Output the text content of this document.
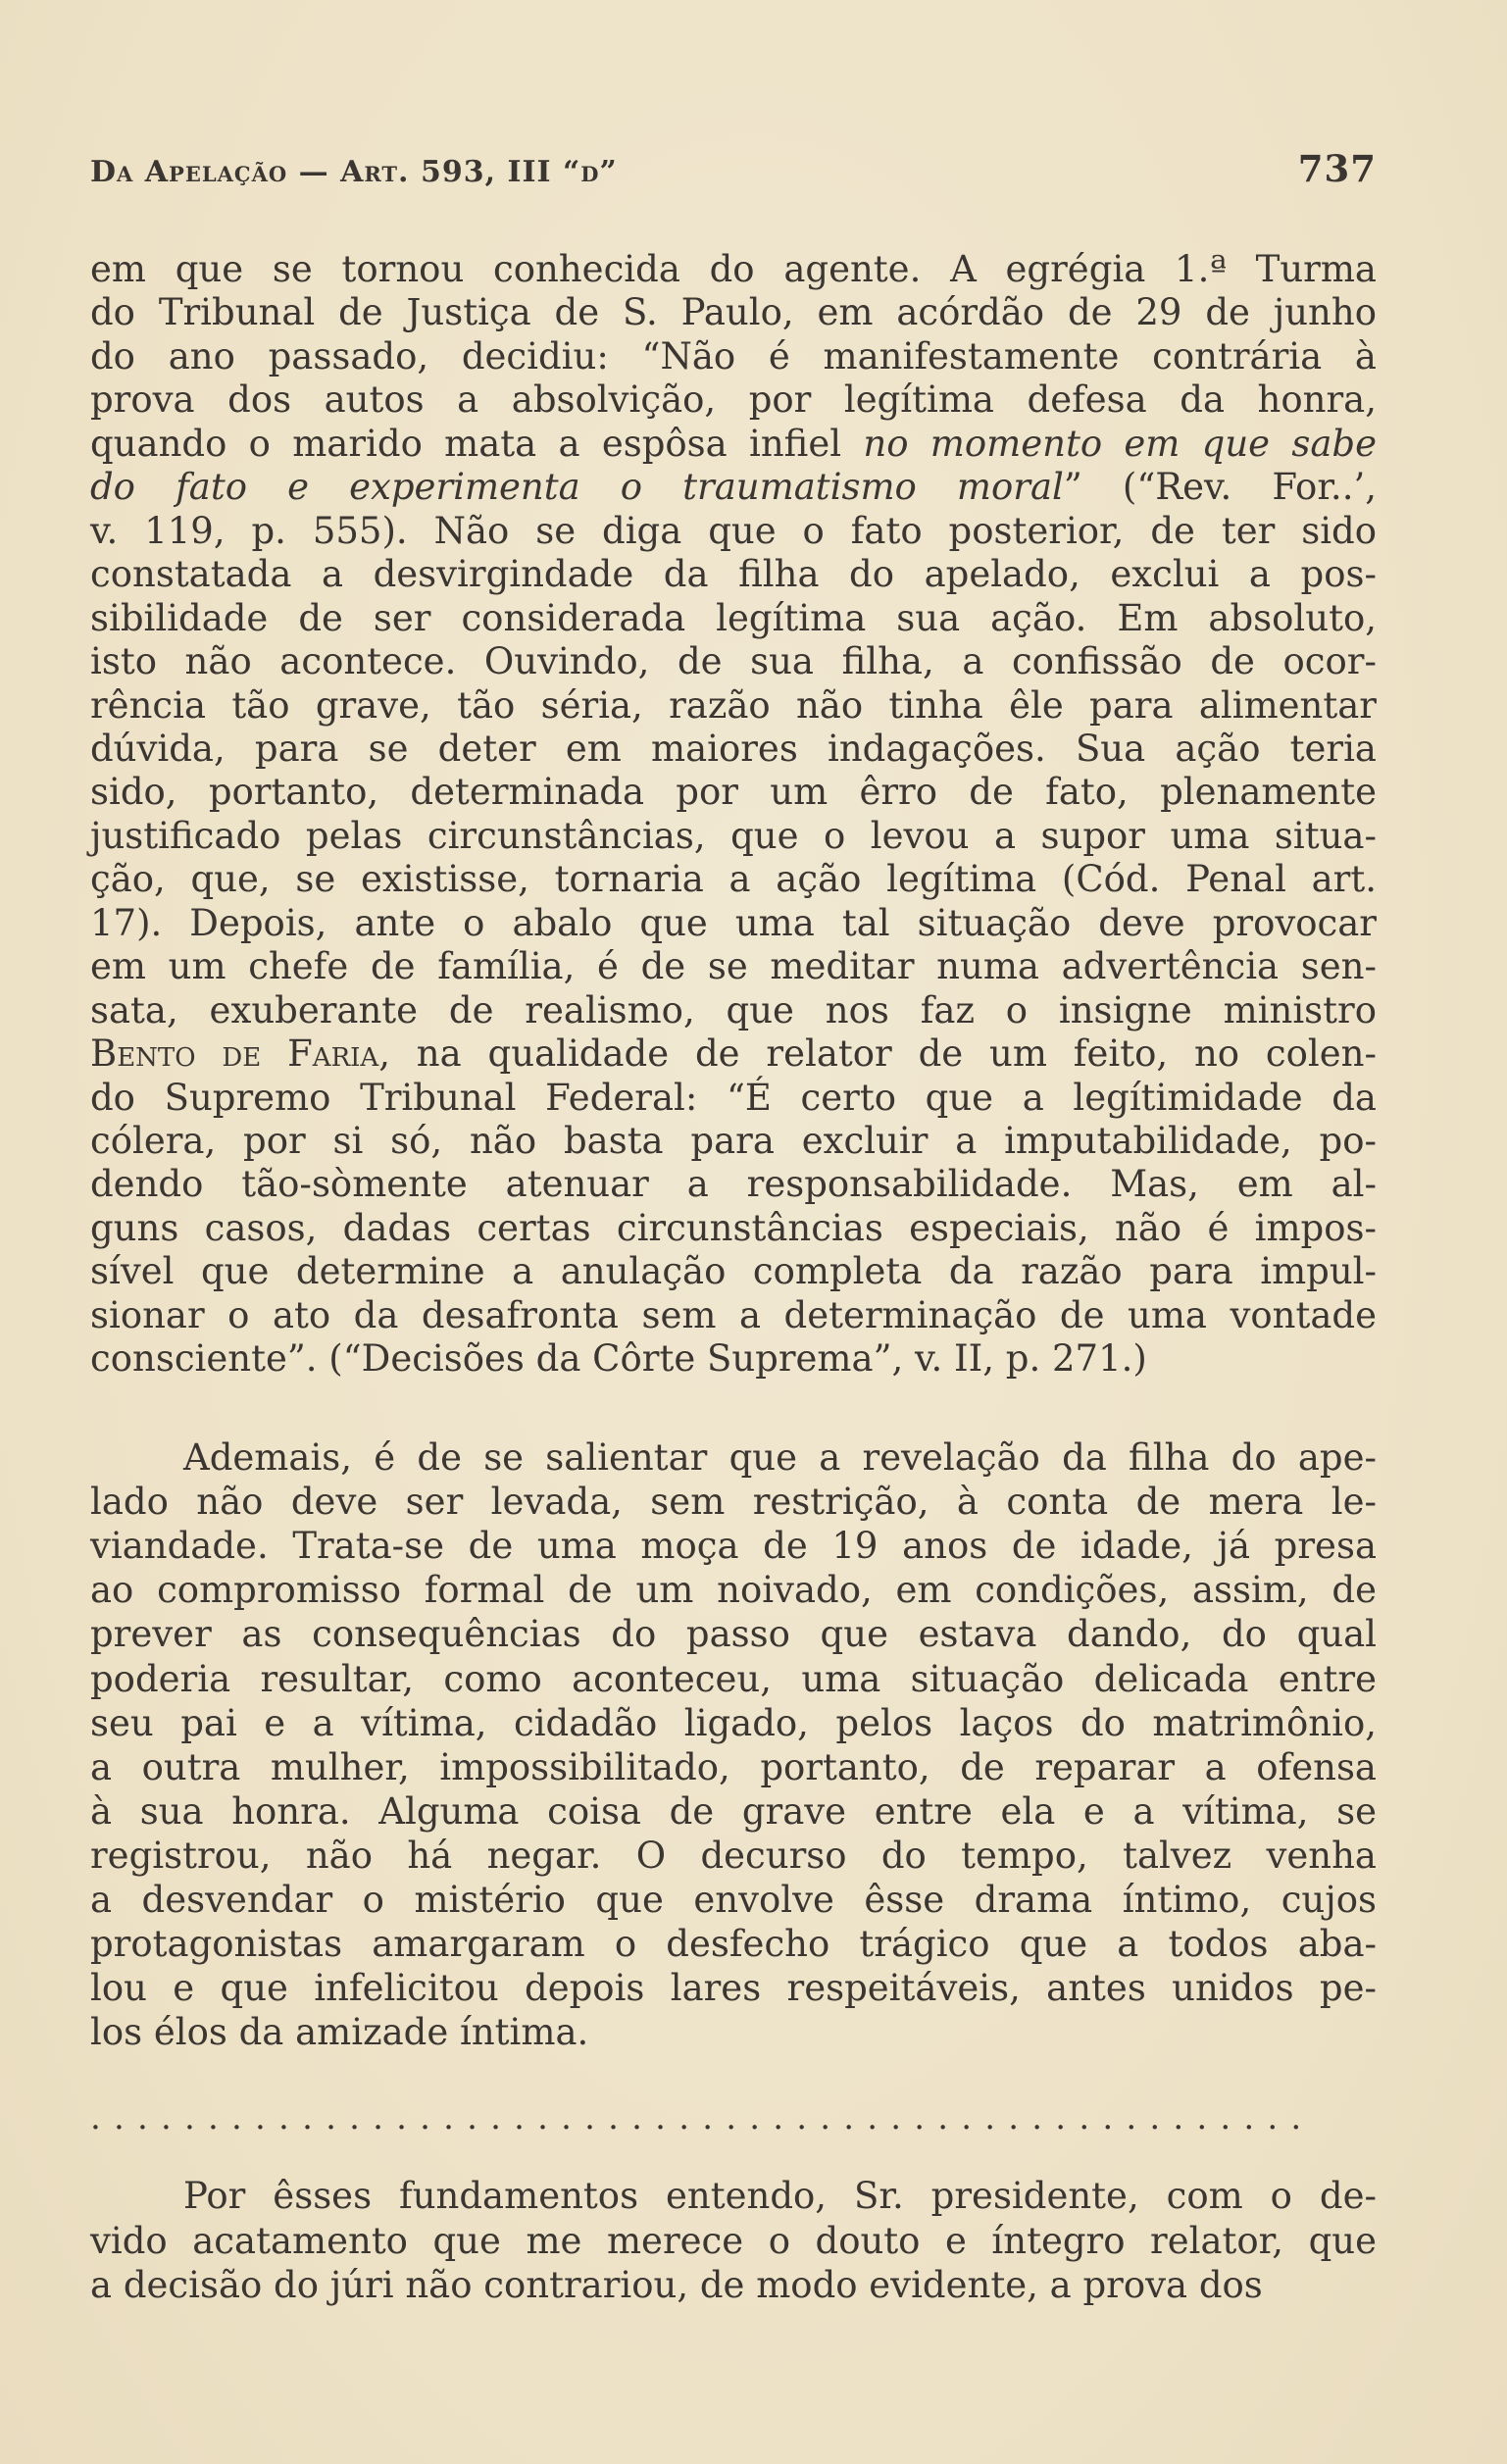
Da Apelação — Art. 593, III “d”	737
em que se tornou conhecida do agente. A egrégia 1.ª Turma
do Tribunal de Justiça de S. Paulo, em acórdão de 29 de junho
do ano passado, decidiu: “Não é manifestamente contrária à
prova dos autos a absolvição, por legítima defesa da honra,
quando o marido mata a espôsa infiel no momento em que sabe
do fato e experimenta o traumatismo moral” (“Rev. For..’,
v. 119, p. 555). Não se diga que o fato posterior, de ter sido
constatada a desvirgindade da filha do apelado, exclui a pos-
sibilidade de ser considerada legítima sua ação. Em absoluto,
isto não acontece. Ouvindo, de sua filha, a confissão de ocor-
rência tão grave, tão séria, razão não tinha êle para alimentar
dúvida, para se deter em maiores indagações. Sua ação teria
sido, portanto, determinada por um êrro de fato, plenamente
justificado pelas circunstâncias, que o levou a supor uma situa-
ção, que, se existisse, tornaria a ação legítima (Cód. Penal art.
17). Depois, ante o abalo que uma tal situação deve provocar
em um chefe de família, é de se meditar numa advertência sen-
sata, exuberante de realismo, que nos faz o insigne ministro
Bento de Faria, na qualidade de relator de um feito, no colen-
do Supremo Tribunal Federal: “É certo que a legítimidade da
cólera, por si só, não basta para excluir a imputabilidade, po-
dendo tão-sòmente atenuar a responsabilidade. Mas, em al-
guns casos, dadas certas circunstâncias especiais, não é impos-
sível que determine a anulação completa da razão para impul-
sionar o ato da desafronta sem a determinação de uma vontade
consciente”. (“Decisões da Côrte Suprema”, v. II, p. 271.)
Ademais, é de se salientar que a revelação da filha do ape-
lado não deve ser levada, sem restrição, à conta de mera le-
viandade. Trata-se de uma moça de 19 anos de idade, já presa
ao compromisso formal de um noivado, em condições, assim, de
prever as consequências do passo que estava dando, do qual
poderia resultar, como aconteceu, uma situação delicada entre
seu pai e a vítima, cidadão ligado, pelos laços do matrimônio,
a outra mulher, impossibilitado, portanto, de reparar a ofensa
à sua honra. Alguma coisa de grave entre ela e a vítima, se
registrou, não há negar. O decurso do tempo, talvez venha
a desvendar o mistério que envolve êsse drama íntimo, cujos
protagonistas amargaram o desfecho trágico que a todos aba-
lou e que infelicitou depois lares respeitáveis, antes unidos pe-
los élos da amizade íntima.
Por êsses fundamentos entendo, Sr. presidente, com o de-
vido acatamento que me merece o douto e íntegro relator, que
a decisão do júri não contrariou, de modo evidente, a prova dos
....................................................
